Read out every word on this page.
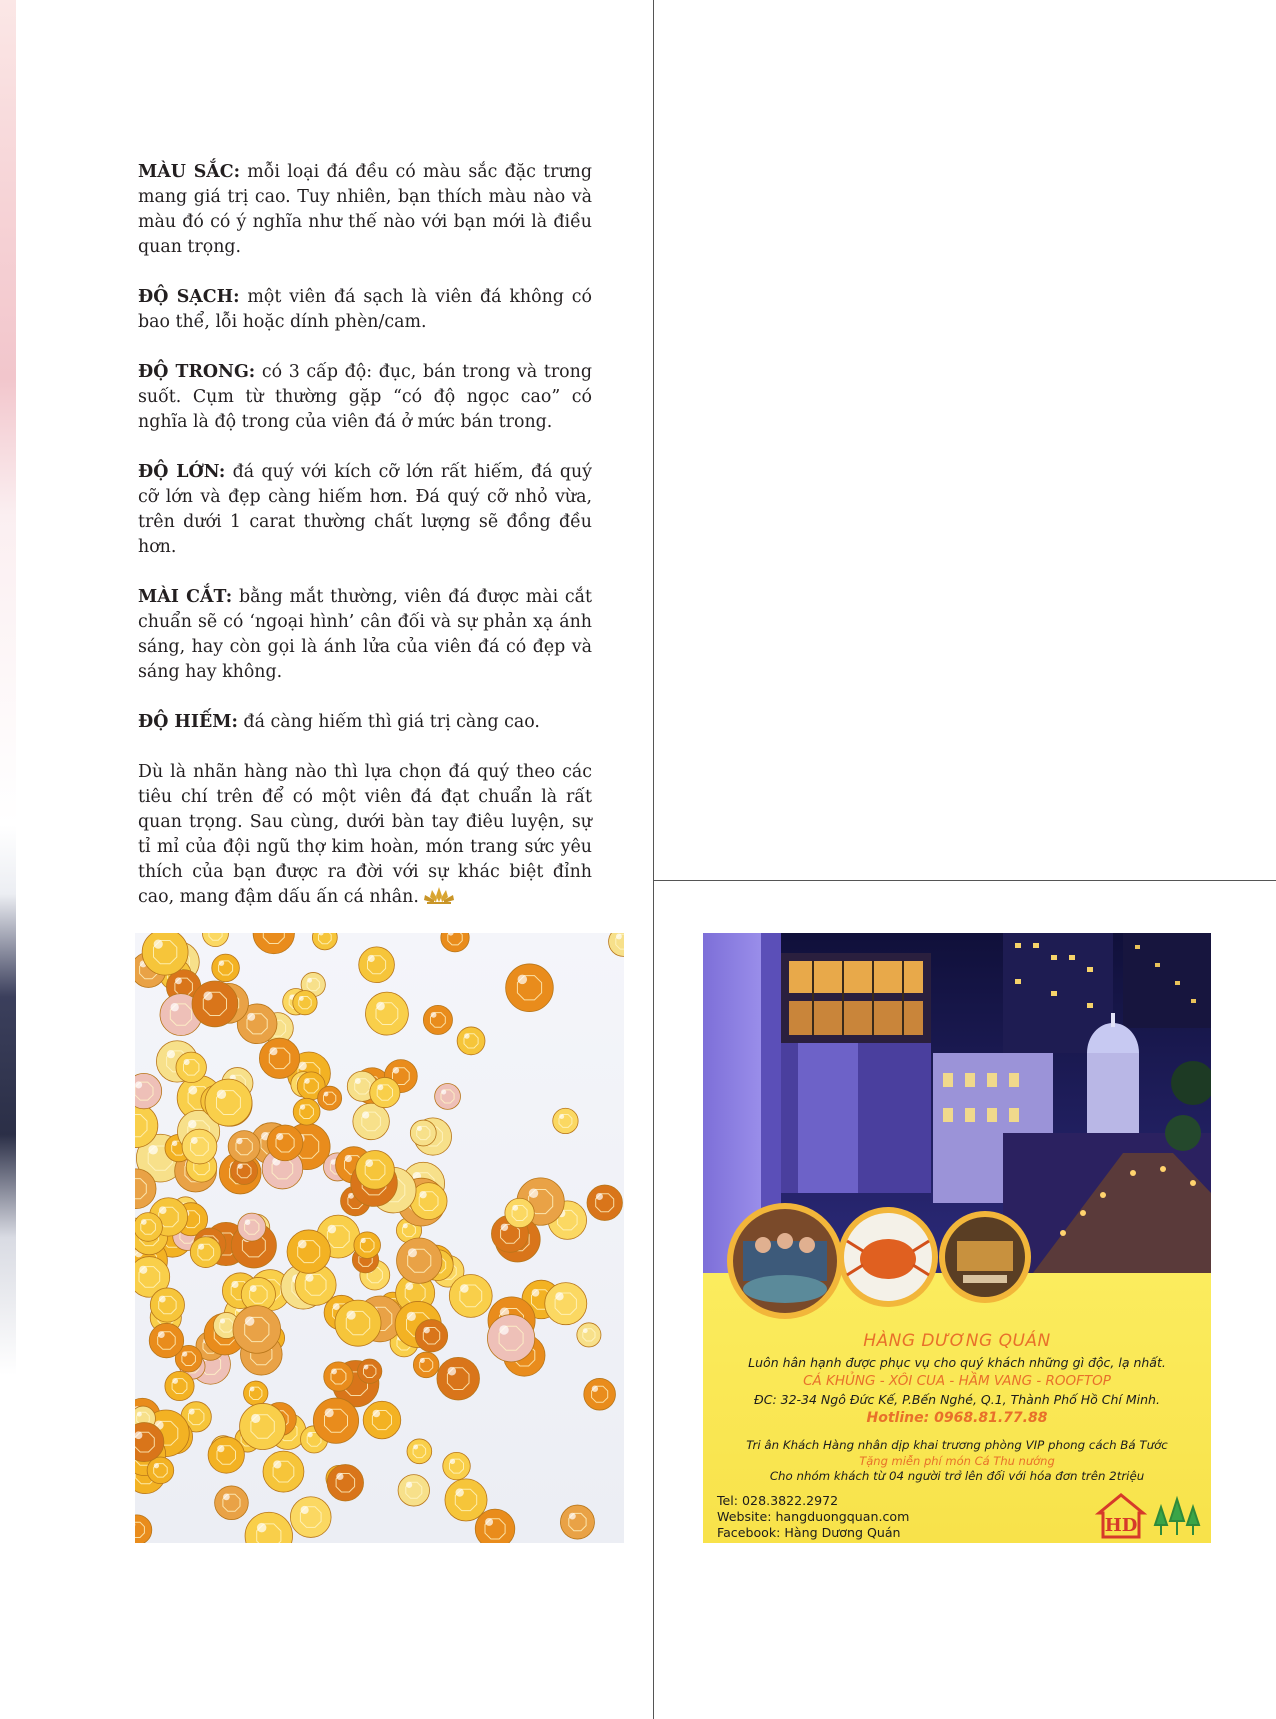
MÀU SẮC: mỗi loại đá đều có màu sắc đặc trưng mang giá trị cao. Tuy nhiên, bạn thích màu nào và màu đó có ý nghĩa như thế nào với bạn mới là điều quan trọng.

ĐỘ SẠCH: một viên đá sạch là viên đá không có bao thể, lỗi hoặc dính phèn/cam.

ĐỘ TRONG: có 3 cấp độ: đục, bán trong và trong suốt. Cụm từ thường gặp “có độ ngọc cao” có nghĩa là độ trong của viên đá ở mức bán trong.

ĐỘ LỚN: đá quý với kích cỡ lớn rất hiếm, đá quý cỡ lớn và đẹp càng hiếm hơn. Đá quý cỡ nhỏ vừa, trên dưới 1 carat thường chất lượng sẽ đồng đều hơn.

MÀI CẮT: bằng mắt thường, viên đá được mài cắt chuẩn sẽ có ‘ngoại hình’ cân đối và sự phản xạ ánh sáng, hay còn gọi là ánh lửa của viên đá có đẹp và sáng hay không.

ĐỘ HIẾM: đá càng hiếm thì giá trị càng cao.

Dù là nhãn hàng nào thì lựa chọn đá quý theo các tiêu chí trên để có một viên đá đạt chuẩn là rất quan trọng. Sau cùng, dưới bàn tay điêu luyện, sự tỉ mỉ của đội ngũ thợ kim hoàn, món trang sức yêu thích của bạn được ra đời với sự khác biệt đỉnh cao, mang đậm dấu ấn cá nhân.

HÀNG DƯƠNG QUÁN
Luôn hân hạnh được phục vụ cho quý khách những gì độc, lạ nhất.
CÁ KHỦNG - XÔI CUA - HẦM VANG - ROOFTOP
ĐC: 32-34 Ngô Đức Kế, P.Bến Nghé, Q.1, Thành Phố Hồ Chí Minh.
Hotline: 0968.81.77.88
Tri ân Khách Hàng nhân dịp khai trương phòng VIP phong cách Bá Tước
Tặng miễn phí món Cá Thu nướng
Cho nhóm khách từ 04 người trở lên đối với hóa đơn trên 2triệu
Tel: 028.3822.2972
Website: hangduongquan.com
Facebook: Hàng Dương Quán	HD
